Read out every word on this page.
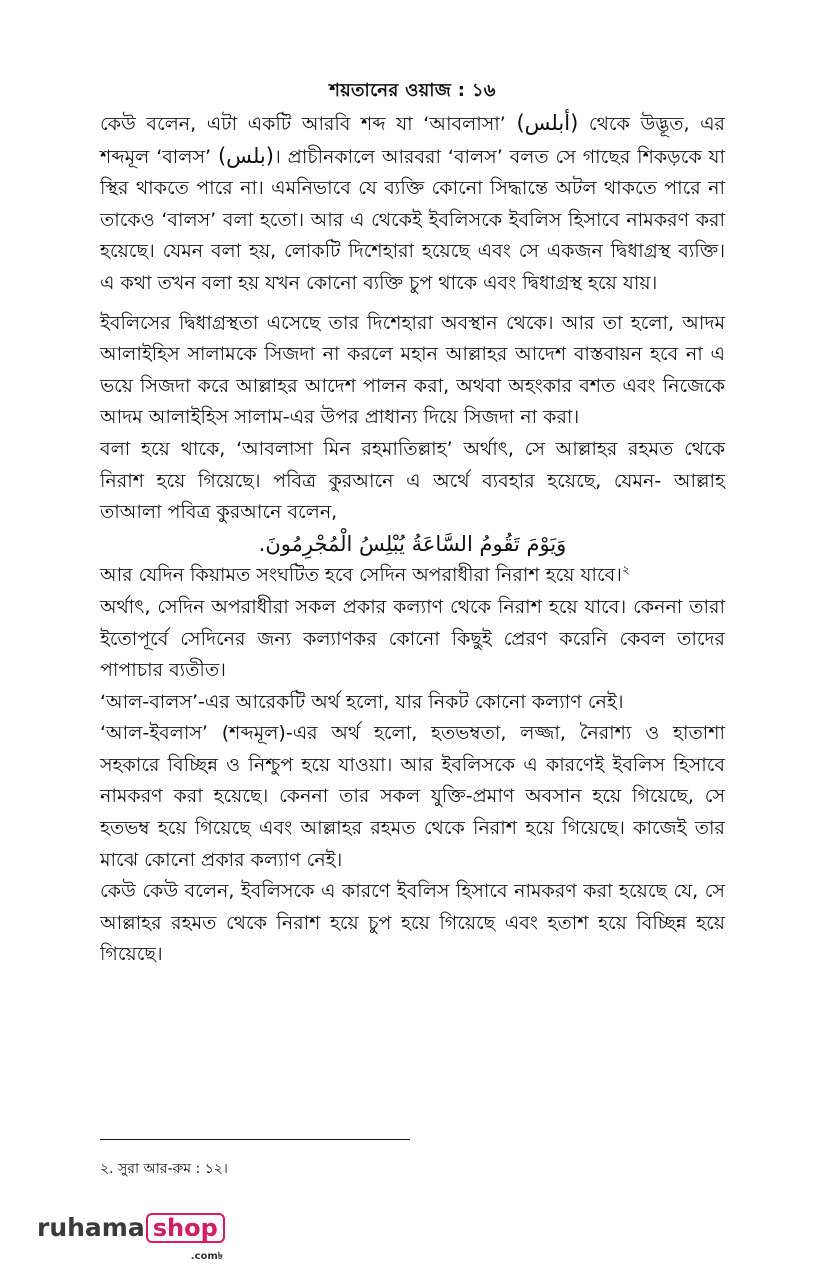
শয়তানের ওয়াজ : ১৬

কেউ বলেন, এটা একটি আরবি শব্দ যা ‘আবলাসা’ (أبلس) থেকে উদ্ভূত, এর শব্দমূল ‘বালস’ (بلس)। প্রাচীনকালে আরবরা ‘বালস’ বলত সে গাছের শিকড়কে যা স্থির থাকতে পারে না। এমনিভাবে যে ব্যক্তি কোনো সিদ্ধান্তে অটল থাকতে পারে না তাকেও ‘বালস’ বলা হতো। আর এ থেকেই ইবলিসকে ইবলিস হিসাবে নামকরণ করা হয়েছে। যেমন বলা হয়, লোকটি দিশেহারা হয়েছে এবং সে একজন দ্বিধাগ্রস্থ ব্যক্তি। এ কথা তখন বলা হয় যখন কোনো ব্যক্তি চুপ থাকে এবং দ্বিধাগ্রস্থ হয়ে যায়।

ইবলিসের দ্বিধাগ্রস্থতা এসেছে তার দিশেহারা অবস্থান থেকে। আর তা হলো, আদম আলাইহিস সালামকে সিজদা না করলে মহান আল্লাহর আদেশ বাস্তবায়ন হবে না এ ভয়ে সিজদা করে আল্লাহর আদেশ পালন করা, অথবা অহংকার বশত এবং নিজেকে আদম আলাইহিস সালাম-এর উপর প্রাধান্য দিয়ে সিজদা না করা।

বলা হয়ে থাকে, ‘আবলাসা মিন রহমাতিল্লাহ’ অর্থাৎ, সে আল্লাহর রহমত থেকে নিরাশ হয়ে গিয়েছে। পবিত্র কুরআনে এ অর্থে ব্যবহার হয়েছে, যেমন- আল্লাহ তাআলা পবিত্র কুরআনে বলেন,

وَيَوْمَ تَقُومُ السَّاعَةُ يُبْلِسُ الْمُجْرِمُونَ.

আর যেদিন কিয়ামত সংঘটিত হবে সেদিন অপরাধীরা নিরাশ হয়ে যাবে।$^২$

অর্থাৎ, সেদিন অপরাধীরা সকল প্রকার কল্যাণ থেকে নিরাশ হয়ে যাবে। কেননা তারা ইতোপূর্বে সেদিনের জন্য কল্যাণকর কোনো কিছুই প্রেরণ করেনি কেবল তাদের পাপাচার ব্যতীত।

‘আল-বালস’-এর আরেকটি অর্থ হলো, যার নিকট কোনো কল্যাণ নেই।

‘আল-ইবলাস’ (শব্দমূল)-এর অর্থ হলো, হতভম্বতা, লজ্জা, নৈরাশ্য ও হাতাশা সহকারে বিচ্ছিন্ন ও নিশ্চুপ হয়ে যাওয়া। আর ইবলিসকে এ কারণেই ইবলিস হিসাবে নামকরণ করা হয়েছে। কেননা তার সকল যুক্তি-প্রমাণ অবসান হয়ে গিয়েছে, সে হতভম্ব হয়ে গিয়েছে এবং আল্লাহর রহমত থেকে নিরাশ হয়ে গিয়েছে। কাজেই তার মাঝে কোনো প্রকার কল্যাণ নেই।

কেউ কেউ বলেন, ইবলিসকে এ কারণে ইবলিস হিসাবে নামকরণ করা হয়েছে যে, সে আল্লাহর রহমত থেকে নিরাশ হয়ে চুপ হয়ে গিয়েছে এবং হতাশ হয়ে বিচ্ছিন্ন হয়ে গিয়েছে।

২. সুরা আর-রুম : ১২।
ruhama shop
.com৳
